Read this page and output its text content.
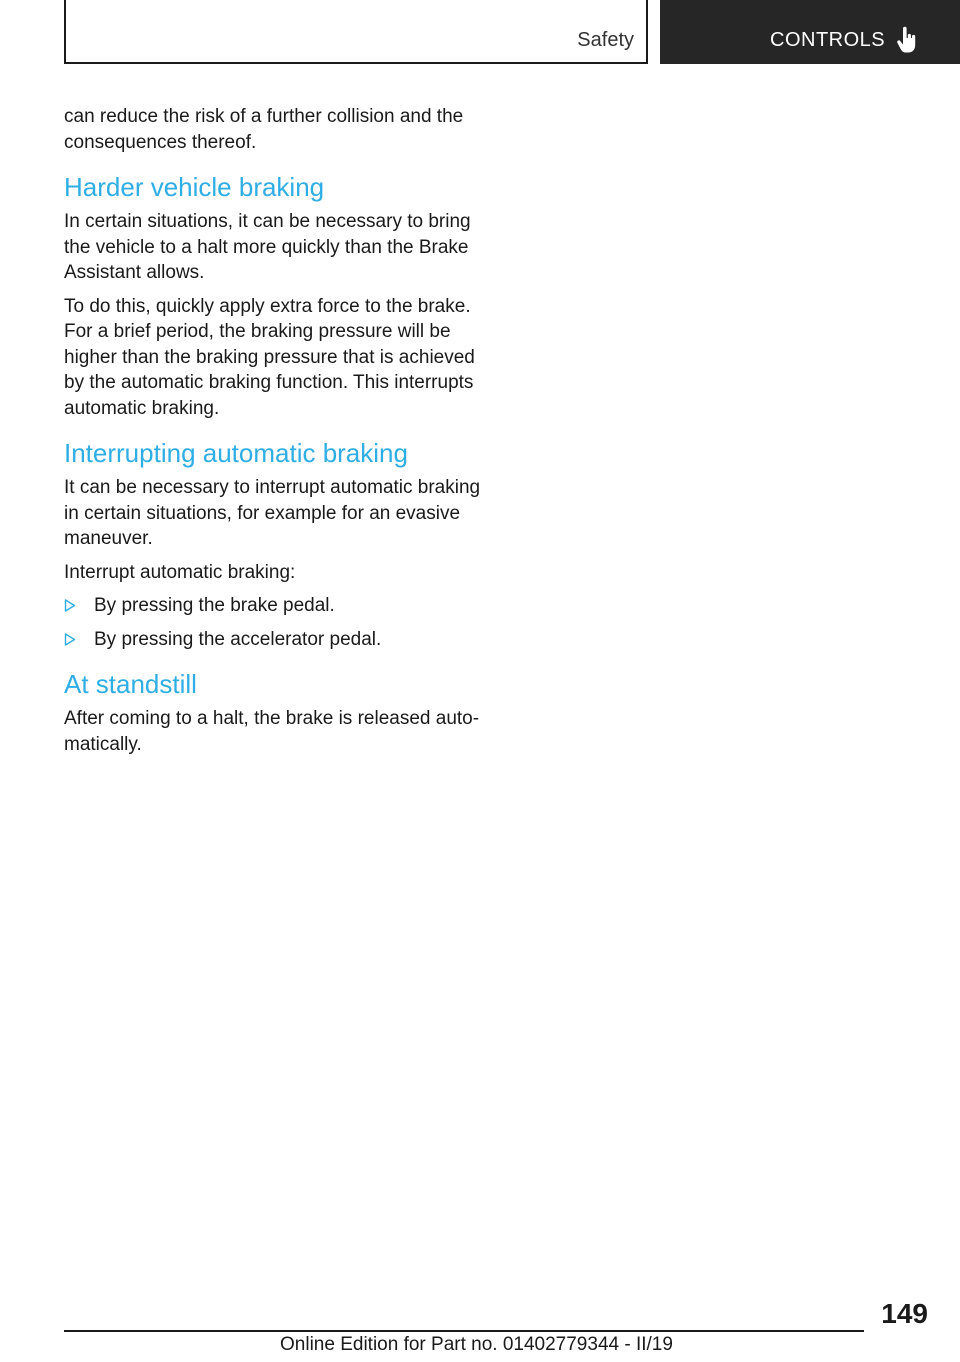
Safety	CONTROLS

can reduce the risk of a further collision and the consequences thereof.

Harder vehicle braking

In certain situations, it can be necessary to bring the vehicle to a halt more quickly than the Brake Assistant allows.

To do this, quickly apply extra force to the brake. For a brief period, the braking pressure will be higher than the braking pressure that is achieved by the automatic braking function. This interrupts automatic braking.

Interrupting automatic braking

It can be necessary to interrupt automatic braking in certain situations, for example for an evasive maneuver.

Interrupt automatic braking:

By pressing the brake pedal.
By pressing the accelerator pedal.
At standstill

After coming to a halt, the brake is released automatically.

149
Online Edition for Part no. 01402779344 - II/19
